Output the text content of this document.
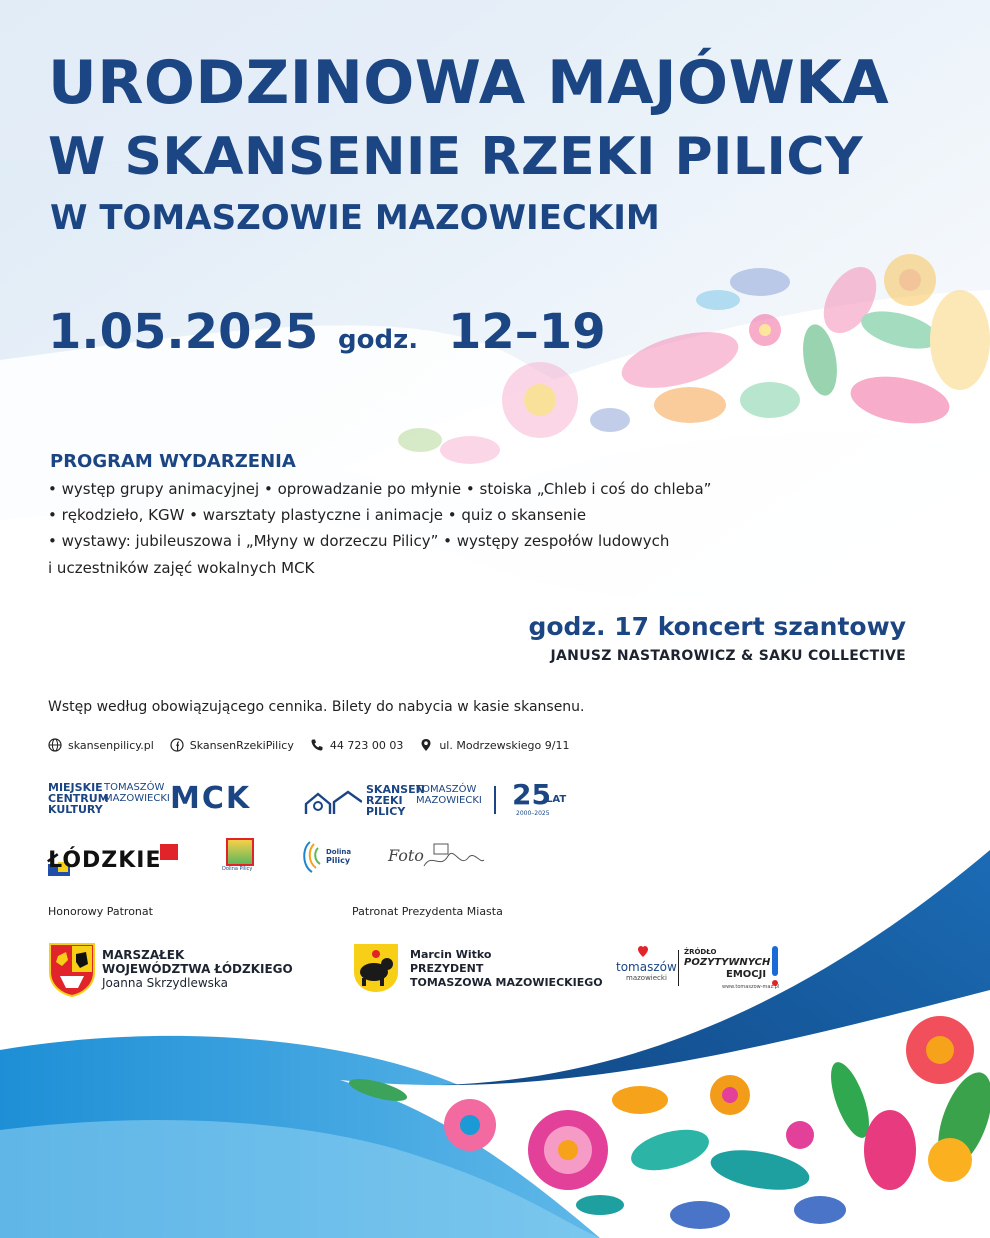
URODZINOWA MAJÓWKA
W SKANSENIE RZEKI PILICY
W TOMASZOWIE MAZOWIECKIM
1.05.2025 godz. 12–19
PROGRAM WYDARZENIA
• występ grupy animacyjnej • oprowadzanie po młynie • stoiska „Chleb i coś do chleba”
• rękodzieło, KGW • warsztaty plastyczne i animacje • quiz o skansenie
• wystawy: jubileuszowa i „Młyny w dorzeczu Pilicy” • występy zespołów ludowych
i uczestników zajęć wokalnych MCK
godz. 17 koncert szantowy
JANUSZ NASTAROWICZ & SAKU COLLECTIVE
Wstęp według obowiązującego cennika. Bilety do nabycia w kasie skansenu.
skansenpilicy.pl	SkansenRzekiPilicy	44 723 00 03	ul. Modrzewskiego 9/11
MIEJSKIE
CENTRUM
KULTURY
TOMASZÓW
MAZOWIECKI MCK	SKANSEN
RZEKI
PILICY
TOMASZÓW
MAZOWIECKI 25
LAT
2000–2025
ŁÓDZKIE	Dolina Pilicy
Dolina
Pilicy Foto
Honorowy Patronat
MARSZAŁEK
WOJEWÓDZTWA ŁÓDZKIEGO
Joanna Skrzydlewska
Patronat Prezydenta Miasta
Marcin Witko
PREZYDENT
TOMASZOWA MAZOWIECKIEGO
tomaszów
mazowiecki
ŹRÓDŁO
POZYTYWNYCH
EMOCJI
www.tomaszow-maz.pl
